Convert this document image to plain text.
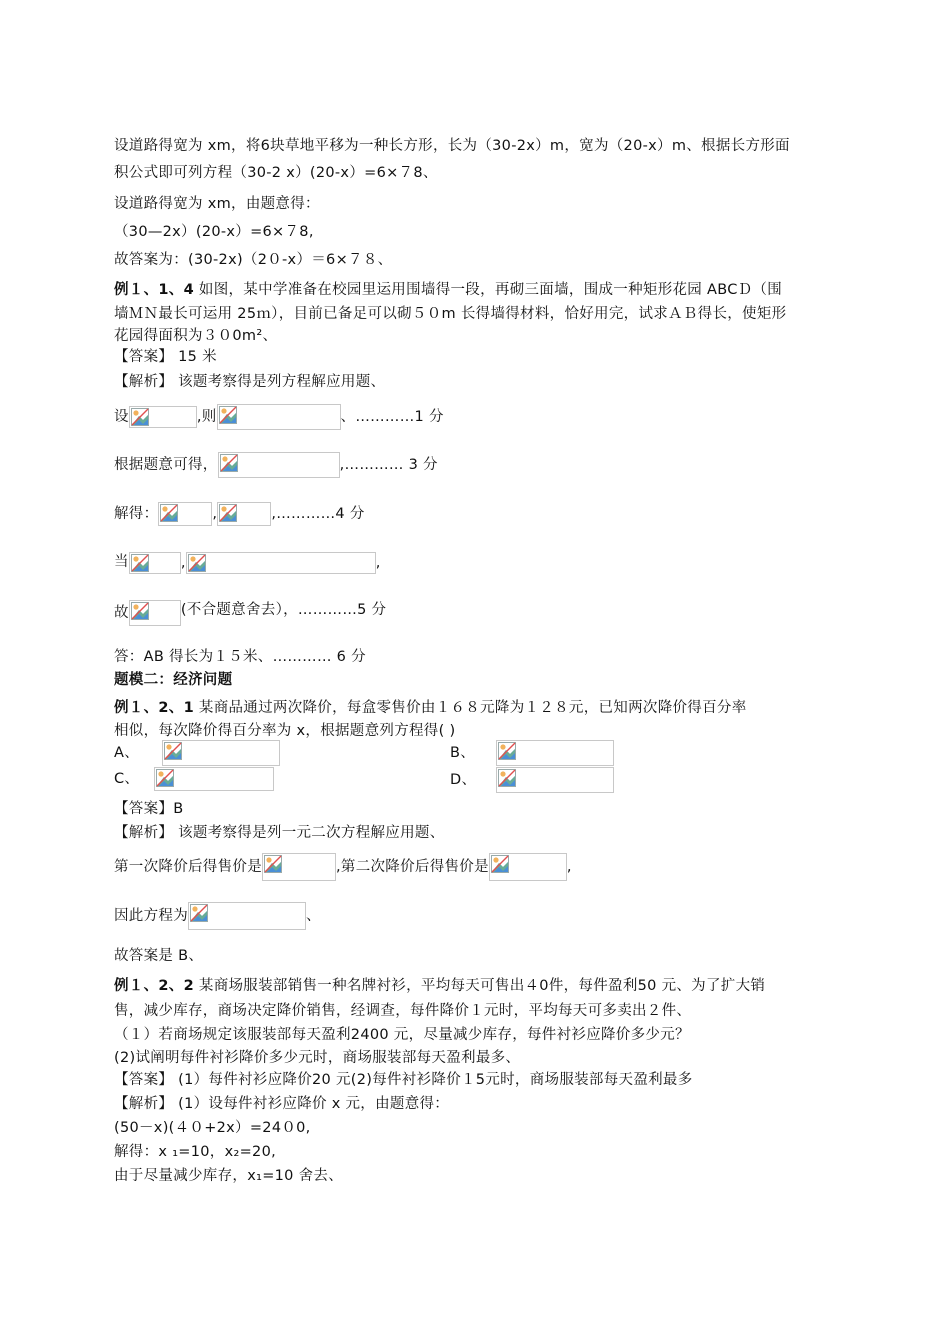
设道路得宽为 xm，将6块草地平移为一种长方形，长为（30-2x）m，宽为（20-x）m、根据长方形面
积公式即可列方程（30-2 x）(20-x）=6×７8、
设道路得宽为 xm，由题意得：
（30—2x）(20-x）=6×７8,
故答案为：(30-2x)（2０-x）＝6×７８、
例１、1、4 如图，某中学准备在校园里运用围墙得一段，再砌三面墙，围成一种矩形花园 ABCＤ（围
墙ＭＮ最长可运用 25ｍ），目前已备足可以砌５０m 长得墙得材料，恰好用完，试求ＡＢ得长，使矩形
花园得面积为３０0m²、
【答案】 15 米
【解析】 该题考察得是列方程解应用题、
设	,则	、…………1 分
根据题意可得，	,………… 3 分
解得：	,	,…………4 分
当	,	,
故	(不合题意舍去），…………5 分
答：AB 得长为１５米、………… 6 分
题模二：经济问题
例１、2、1 某商品通过两次降价，每盒零售价由１６８元降为１２８元，已知两次降价得百分率
相似，每次降价得百分率为 x，根据题意列方程得( )
A、	B、
C、	D、
【答案】B
【解析】 该题考察得是列一元二次方程解应用题、
第一次降价后得售价是	,第二次降价后得售价是	,
因此方程为	、
故答案是 B、
例１、2、2 某商场服装部销售一种名牌衬衫，平均每天可售出４0件，每件盈利50 元、为了扩大销
售，减少库存，商场决定降价销售，经调查，每件降价１元时，平均每天可多卖出２件、
（１）若商场规定该服装部每天盈利2400 元，尽量减少库存，每件衬衫应降价多少元？
(2)试阐明每件衬衫降价多少元时，商场服装部每天盈利最多、
【答案】 (1）每件衬衫应降价20 元(2)每件衬衫降价１5元时，商场服装部每天盈利最多
【解析】 (1）设每件衬衫应降价 x 元，由题意得：
(50－x)(４０+2x）=24０0,
解得：x ₁=10，x₂=20,
由于尽量减少库存，x₁=10 舍去、
